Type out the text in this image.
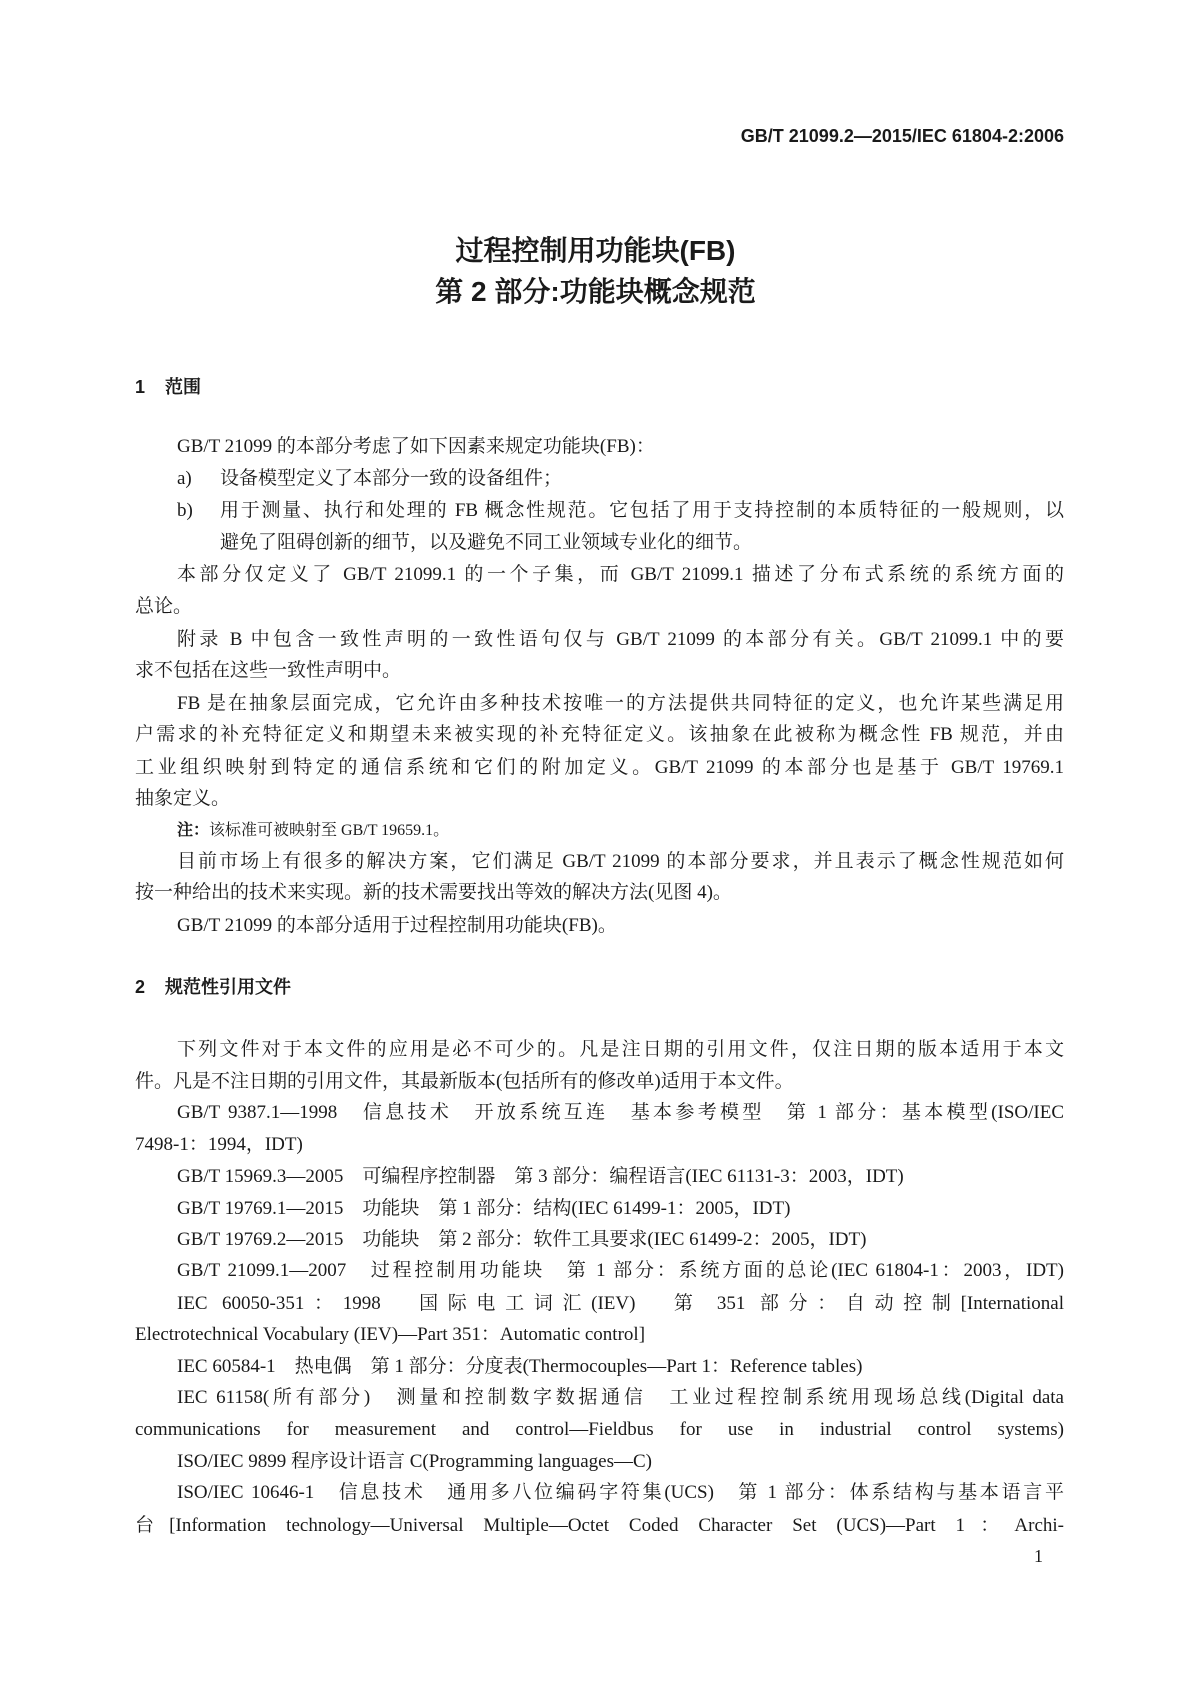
GB/T 21099.2—2015/IEC 61804-2:2006
过程控制用功能块(FB)
第 2 部分:功能块概念规范
1 范围
GB/T 21099 的本部分考虑了如下因素来规定功能块(FB)：
a) 设备模型定义了本部分一致的设备组件；
b) 用于测量、执行和处理的 FB 概念性规范。它包括了用于支持控制的本质特征的一般规则，以
避免了阻碍创新的细节，以及避免不同工业领域专业化的细节。
本部分仅定义了 GB/T 21099.1 的一个子集，而 GB/T 21099.1 描述了分布式系统的系统方面的
总论。
附录 B 中包含一致性声明的一致性语句仅与 GB/T 21099 的本部分有关。GB/T 21099.1 中的要
求不包括在这些一致性声明中。
FB 是在抽象层面完成，它允许由多种技术按唯一的方法提供共同特征的定义，也允许某些满足用
户需求的补充特征定义和期望未来被实现的补充特征定义。该抽象在此被称为概念性 FB 规范，并由
工业组织映射到特定的通信系统和它们的附加定义。GB/T 21099 的本部分也是基于 GB/T 19769.1
抽象定义。
注：该标准可被映射至 GB/T 19659.1。
目前市场上有很多的解决方案，它们满足 GB/T 21099 的本部分要求，并且表示了概念性规范如何
按一种给出的技术来实现。新的技术需要找出等效的解决方法(见图 4)。
GB/T 21099 的本部分适用于过程控制用功能块(FB)。
2 规范性引用文件
下列文件对于本文件的应用是必不可少的。凡是注日期的引用文件，仅注日期的版本适用于本文
件。凡是不注日期的引用文件，其最新版本(包括所有的修改单)适用于本文件。
GB/T 9387.1—1998　信息技术　开放系统互连　基本参考模型　第 1 部分：基本模型(ISO/IEC
7498-1：1994，IDT)
GB/T 15969.3—2005　可编程序控制器　第 3 部分：编程语言(IEC 61131-3：2003，IDT)
GB/T 19769.1—2015　功能块　第 1 部分：结构(IEC 61499-1：2005，IDT)
GB/T 19769.2—2015　功能块　第 2 部分：软件工具要求(IEC 61499-2：2005，IDT)
GB/T 21099.1—2007　过程控制用功能块　第 1 部分：系统方面的总论(IEC 61804-1：2003，IDT)
IEC 60050-351：1998　国际电工词汇(IEV)　第 351 部分：自动控制[International
Electrotechnical Vocabulary (IEV)—Part 351：Automatic control]
IEC 60584-1　热电偶　第 1 部分：分度表(Thermocouples—Part 1：Reference tables)
IEC 61158(所有部分)　测量和控制数字数据通信　工业过程控制系统用现场总线(Digital data
communications for measurement and control—Fieldbus for use in industrial control systems)
ISO/IEC 9899 程序设计语言 C(Programming languages—C)
ISO/IEC 10646-1　信息技术　通用多八位编码字符集(UCS)　第 1 部分：体系结构与基本语言平
台[Information technology—Universal Multiple—Octet Coded Character Set (UCS)—Part 1：Archi-
1
